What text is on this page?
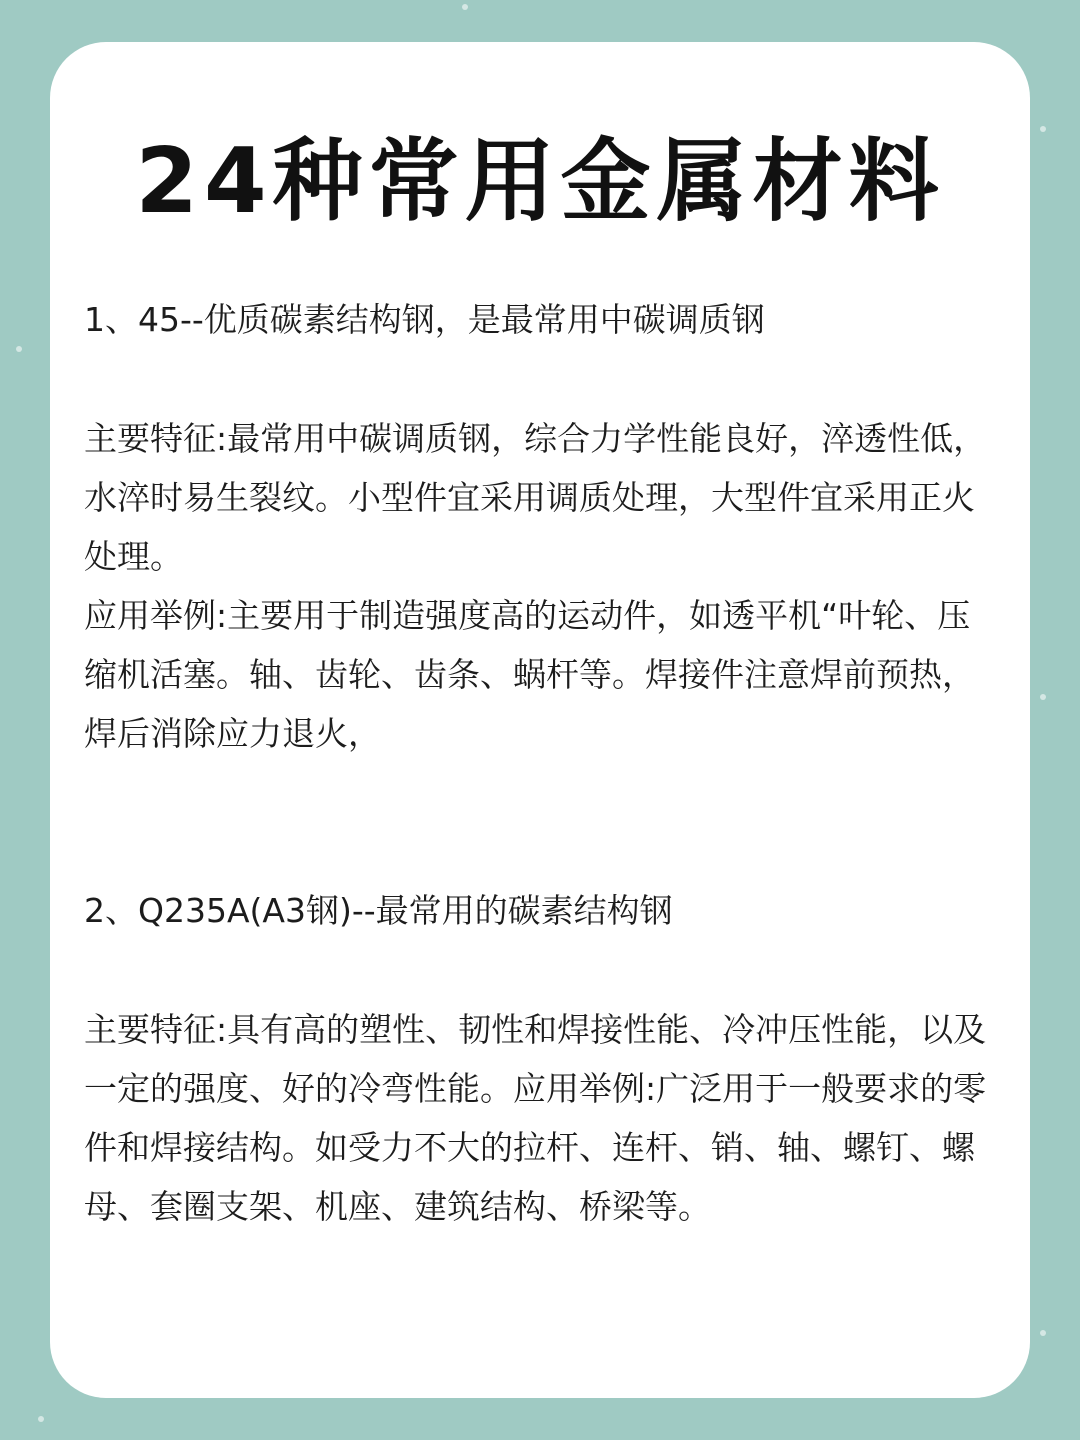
24种常用金属材料

1、45--优质碳素结构钢，是最常用中碳调质钢

主要特征:最常用中碳调质钢，综合力学性能良好，淬透性低，水淬时易生裂纹。小型件宜采用调质处理，大型件宜采用正火处理。

应用举例:主要用于制造强度高的运动件，如透平机“叶轮、压缩机活塞。轴、齿轮、齿条、蜗杆等。焊接件注意焊前预热，焊后消除应力退火，

2、Q235A(A3钢)--最常用的碳素结构钢

主要特征:具有高的塑性、韧性和焊接性能、冷冲压性能，以及一定的强度、好的冷弯性能。应用举例:广泛用于一般要求的零件和焊接结构。如受力不大的拉杆、连杆、销、轴、螺钉、螺母、套圈支架、机座、建筑结构、桥梁等。
